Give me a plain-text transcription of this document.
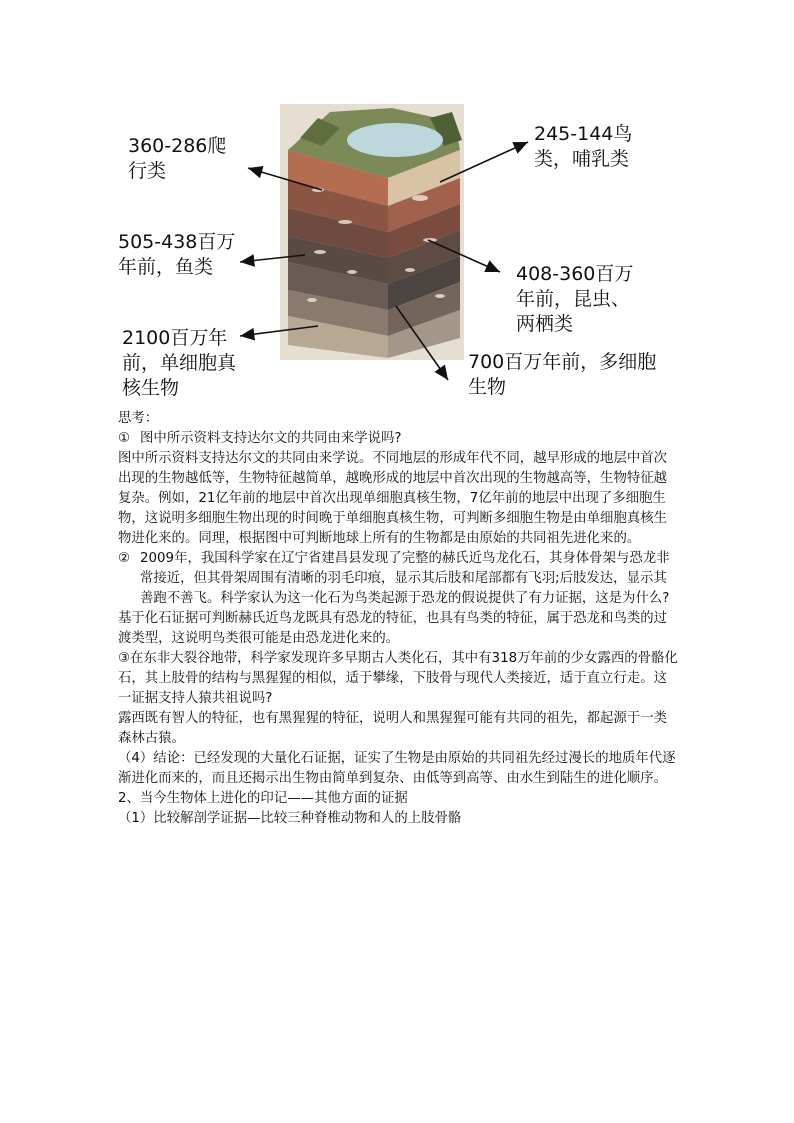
360-286爬行类
505-438百万年前，鱼类
2100百万年前，单细胞真核生物
245-144鸟类，哺乳类
408-360百万年前，昆虫、两栖类
700百万年前，多细胞生物

思考：

① 图中所示资料支持达尔文的共同由来学说吗?

图中所示资料支持达尔文的共同由来学说。不同地层的形成年代不同，越早形成的地层中首次出现的生物越低等，生物特征越简单，越晚形成的地层中首次出现的生物越高等，生物特征越复杂。例如，21亿年前的地层中首次出现单细胞真核生物，7亿年前的地层中出现了多细胞生物，这说明多细胞生物出现的时间晚于单细胞真核生物，可判断多细胞生物是由单细胞真核生物进化来的。同理，根据图中可判断地球上所有的生物都是由原始的共同祖先进化来的。

② 2009年，我国科学家在辽宁省建昌县发现了完整的赫氏近鸟龙化石，其身体骨架与恐龙非常接近，但其骨架周围有清晰的羽毛印痕，显示其后肢和尾部都有飞羽;后肢发达，显示其善跑不善飞。科学家认为这一化石为鸟类起源于恐龙的假说提供了有力证据，这是为什么?

基于化石证据可判断赫氏近鸟龙既具有恐龙的特征，也具有鸟类的特征，属于恐龙和鸟类的过渡类型，这说明鸟类很可能是由恐龙进化来的。

③在东非大裂谷地带，科学家发现许多早期古人类化石，其中有318万年前的少女露西的骨骼化石，其上肢骨的结构与黑猩猩的相似，适于攀缘，下肢骨与现代人类接近，适于直立行走。这一证据支持人猿共祖说吗?

露西既有智人的特征，也有黑猩猩的特征，说明人和黑猩猩可能有共同的祖先，都起源于一类森林古猿。

（4）结论：已经发现的大量化石证据，证实了生物是由原始的共同祖先经过漫长的地质年代逐渐进化而来的，而且还揭示出生物由简单到复杂、由低等到高等、由水生到陆生的进化顺序。

2、当今生物体上进化的印记——其他方面的证据

（1）比较解剖学证据—比较三种脊椎动物和人的上肢骨骼
